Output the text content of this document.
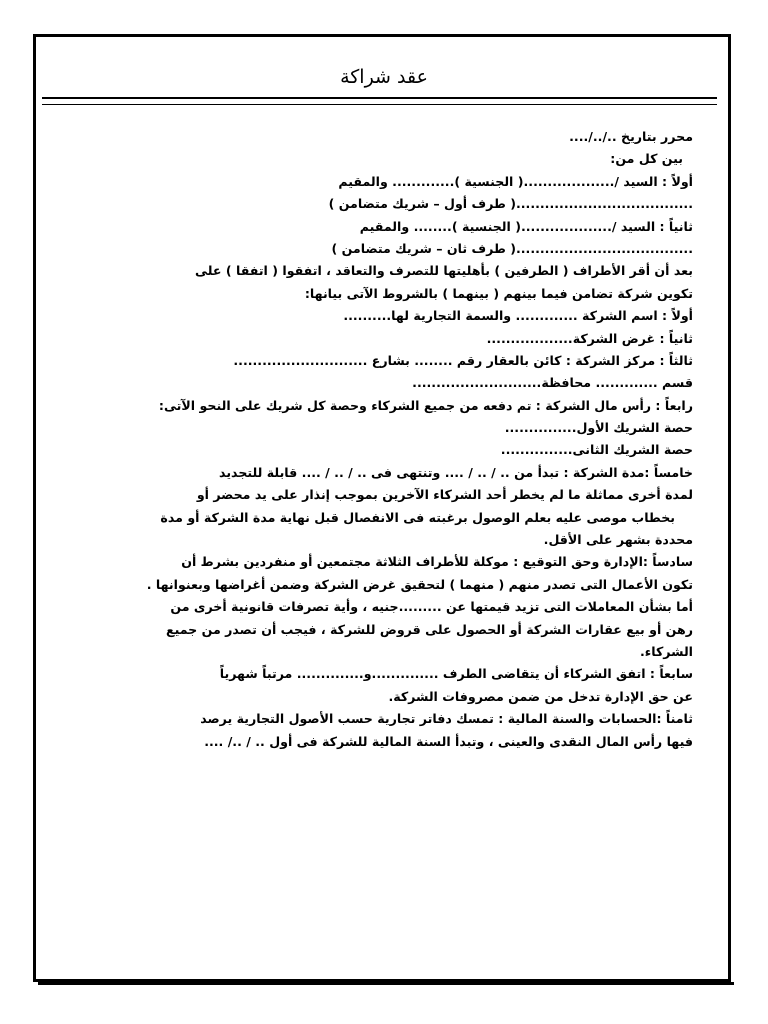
عقد شراكة
محرر بتاريخ ../../....
بين كل من:
أولاً : السيد /...................( الجنسية )............. والمقيم
.....................................( طرف أول – شريك متضامن )
ثانياً : السيد /...................( الجنسية )........ والمقيم
.....................................( طرف ثان – شريك متضامن )
بعد أن أقر الأطراف ( الطرفين ) بأهليتها للتصرف والتعاقد ، اتفقوا ( اتفقا ) على
تكوين شركة تضامن فيما بينهم ( بينهما ) بالشروط الآتى بيانها:
أولاً : اسم الشركة ............. والسمة التجارية لها..........
ثانياً : غرض الشركة..................
ثالثاً : مركز الشركة : كائن بالعقار رقم ........ بشارع ............................
قسم ............. محافظة...........................
رابعاً : رأس مال الشركة : تم دفعه من جميع الشركاء وحصة كل شريك على النحو الآتى:
حصة الشريك الأول...............
حصة الشريك الثانى...............
خامساً :مدة الشركة : تبدأ من .. / .. / .... وتنتهى فى .. / .. / .... قابلة للتجديد
لمدة أخرى مماثلة ما لم يخطر أحد الشركاء الآخرين بموجب إنذار على يد محضر أو
بخطاب موصى عليه بعلم الوصول برغبته فى الانفصال قبل نهاية مدة الشركة أو مدة
محددة بشهر على الأقل.
سادساً :الإدارة وحق التوقيع : موكلة للأطراف الثلاثة مجتمعين أو منفردين بشرط أن
تكون الأعمال التى تصدر منهم ( منهما ) لتحقيق غرض الشركة وضمن أغراضها وبعنوانها .
أما بشأن المعاملات التى تزيد قيمتها عن .........جنيه ، وأية تصرفات قانونية أخرى من
رهن أو بيع عقارات الشركة أو الحصول على قروض للشركة ، فيجب أن تصدر من جميع
الشركاء.
سابعاً : اتفق الشركاء أن يتقاضى الطرف ..............و.............. مرتباً شهرياً
عن حق الإدارة تدخل من ضمن مصروفات الشركة.
ثامناً :الحسابات والسنة المالية : تمسك دفاتر تجارية حسب الأصول التجارية يرصد
فيها رأس المال النقدى والعينى ، وتبدأ السنة المالية للشركة فى أول .. / ../ ....
